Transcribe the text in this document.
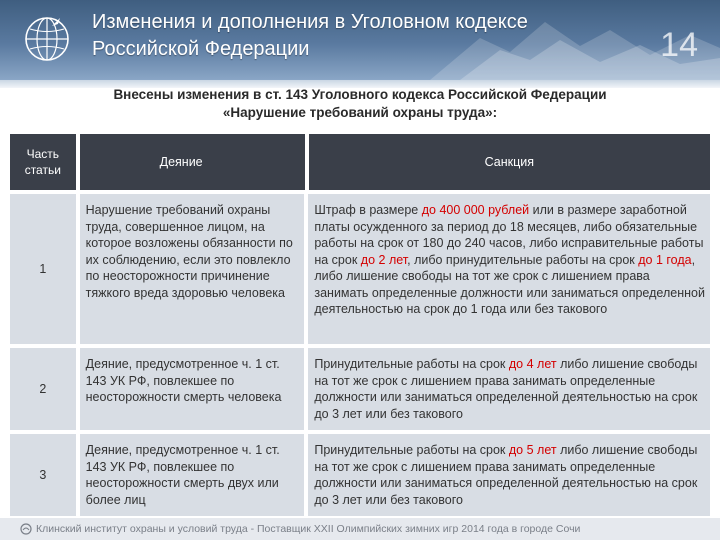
Изменения и дополнения в Уголовном кодексе
Российской Федерации	14
Внесены изменения в ст. 143 Уголовного кодекса Российской Федерации
«Нарушение требований охраны труда»:
Часть
статьи
Деяние	Санкция
1
Нарушение требований охраны труда, совершенное лицом, на которое возложены обязанности по их соблюдению, если это повлекло по неосторожности причинение тяжкого вреда здоровью человека
Штраф в размере до 400 000 рублей или в размере заработной платы осужденного за период до 18 месяцев, либо обязательные работы на срок от 180 до 240 часов, либо исправительные работы на срок до 2 лет, либо принудительные работы на срок до 1 года, либо лишение свободы на тот же срок с лишением права занимать определенные должности или заниматься определенной деятельностью на срок до 1 года или без такового
2
Деяние, предусмотренное ч. 1 ст. 143 УК РФ, повлекшее по неосторожности смерть человека
Принудительные работы на срок до 4 лет либо лишение свободы на тот же срок с лишением права занимать определенные должности или заниматься определенной деятельностью на срок до 3 лет или без такового
3
Деяние, предусмотренное ч. 1 ст. 143 УК РФ, повлекшее по неосторожности смерть двух или более лиц
Принудительные работы на срок до 5 лет либо лишение свободы на тот же срок с лишением права занимать определенные должности или заниматься определенной деятельностью на срок до 3 лет или без такового
Клинский институт охраны и условий труда - Поставщик XXII Олимпийских зимних игр 2014 года в городе Сочи
